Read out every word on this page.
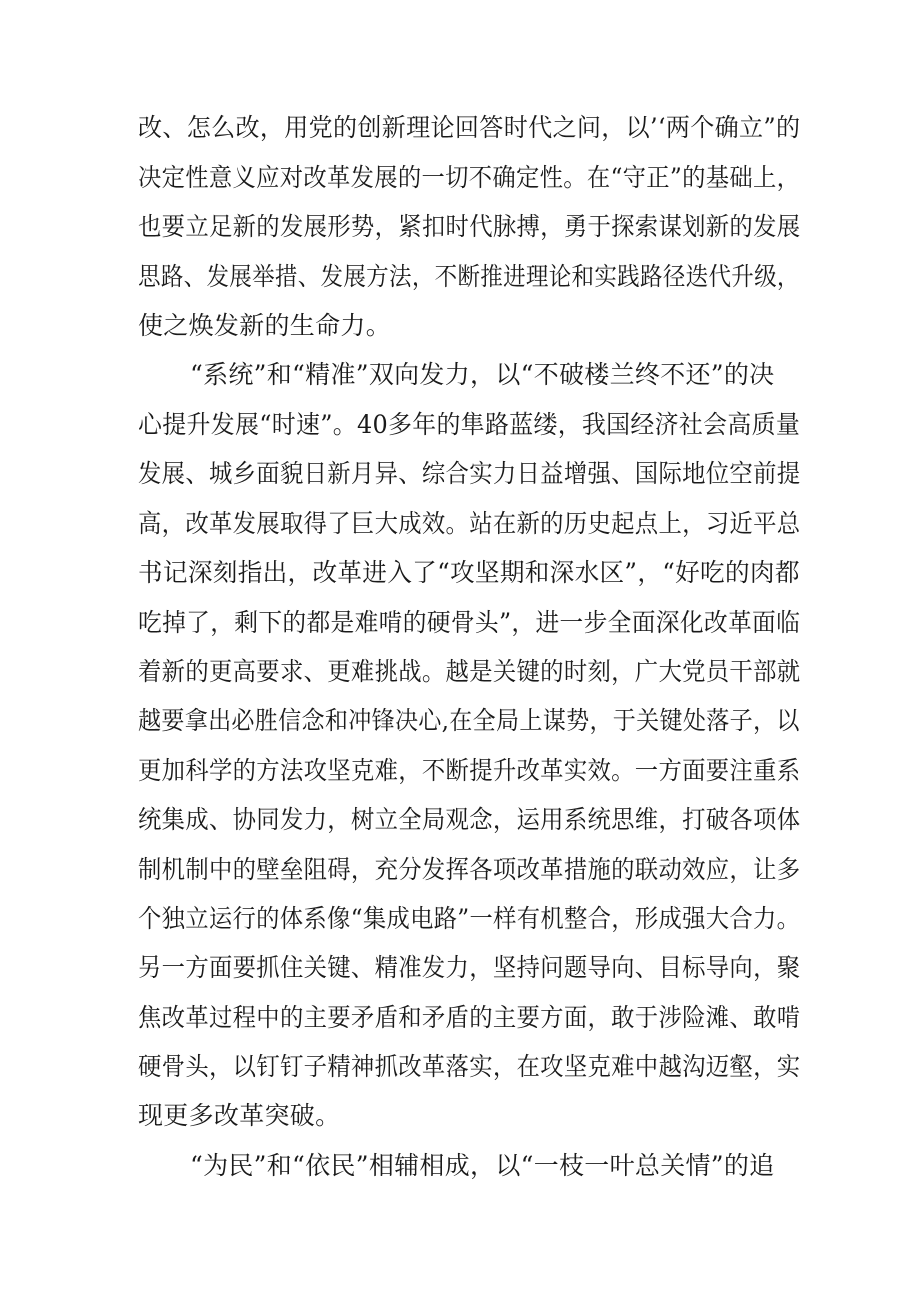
改、怎么改，用党的创新理论回答时代之问，以’‘两个确立”的
决定性意义应对改革发展的一切不确定性。在“守正”的基础上，
也要立足新的发展形势，紧扣时代脉搏，勇于探索谋划新的发展
思路、发展举措、发展方法，不断推进理论和实践路径迭代升级，
使之焕发新的生命力。
“系统”和“精准”双向发力，以“不破楼兰终不还”的决
心提升发展“时速”。40多年的隼路蓝缕，我国经济社会高质量
发展、城乡面貌日新月异、综合实力日益增强、国际地位空前提
高，改革发展取得了巨大成效。站在新的历史起点上，习近平总
书记深刻指出，改革进入了“攻坚期和深水区”，“好吃的肉都
吃掉了，剩下的都是难啃的硬骨头”，进一步全面深化改革面临
着新的更高要求、更难挑战。越是关键的时刻，广大党员干部就
越要拿出必胜信念和冲锋决心,在全局上谋势，于关键处落子，以
更加科学的方法攻坚克难，不断提升改革实效。一方面要注重系
统集成、协同发力，树立全局观念，运用系统思维，打破各项体
制机制中的壁垒阻碍，充分发挥各项改革措施的联动效应，让多
个独立运行的体系像“集成电路”一样有机整合，形成强大合力。
另一方面要抓住关键、精准发力，坚持问题导向、目标导向，聚
焦改革过程中的主要矛盾和矛盾的主要方面，敢于涉险滩、敢啃
硬骨头，以钉钉子精神抓改革落实，在攻坚克难中越沟迈壑，实
现更多改革突破。
“为民”和“依民”相辅相成，以“一枝一叶总关情”的追
